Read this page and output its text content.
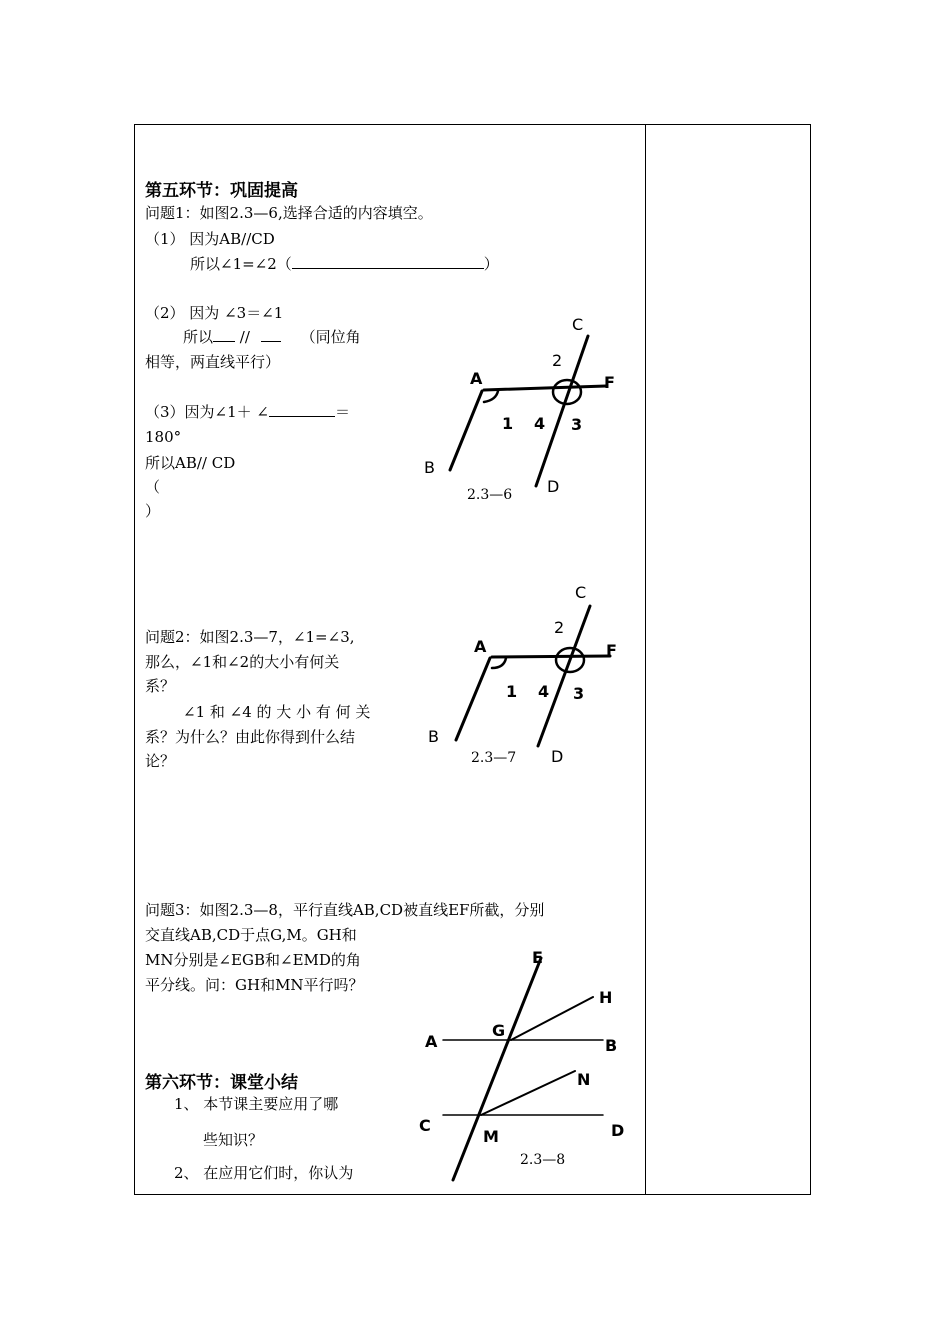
第五环节：巩固提高
问题1：如图2.3—6,选择合适的内容填空。
（1） 因为AB//CD
所以∠1=∠2（	）
（2） 因为 ∠3＝∠1
所以 //	（同位角
相等，两直线平行）
（3）因为∠1＋ ∠	＝
180°
所以AB// CD
（
）
C
2
A	F
1 4 3
B
D
2.3—6
问题2：如图2.3—7，∠1=∠3,
那么，∠1和∠2的大小有何关
系？
∠1 和 ∠4 的 大 小 有 何 关
系？为什么？由此你得到什么结
论？
C
2
A	F
1 4 3
B
D
2.3—7
问题3：如图2.3—8，平行直线AB,CD被直线EF所截，分别
交直线AB,CD于点G,M。GH和
MN分别是∠EGB和∠EMD的角
平分线。问：GH和MN平行吗？
E
H
A
G
B
N
C
M	D
2.3—8
第六环节：课堂小结
1、 本节课主要应用了哪
些知识？
2、 在应用它们时，你认为
